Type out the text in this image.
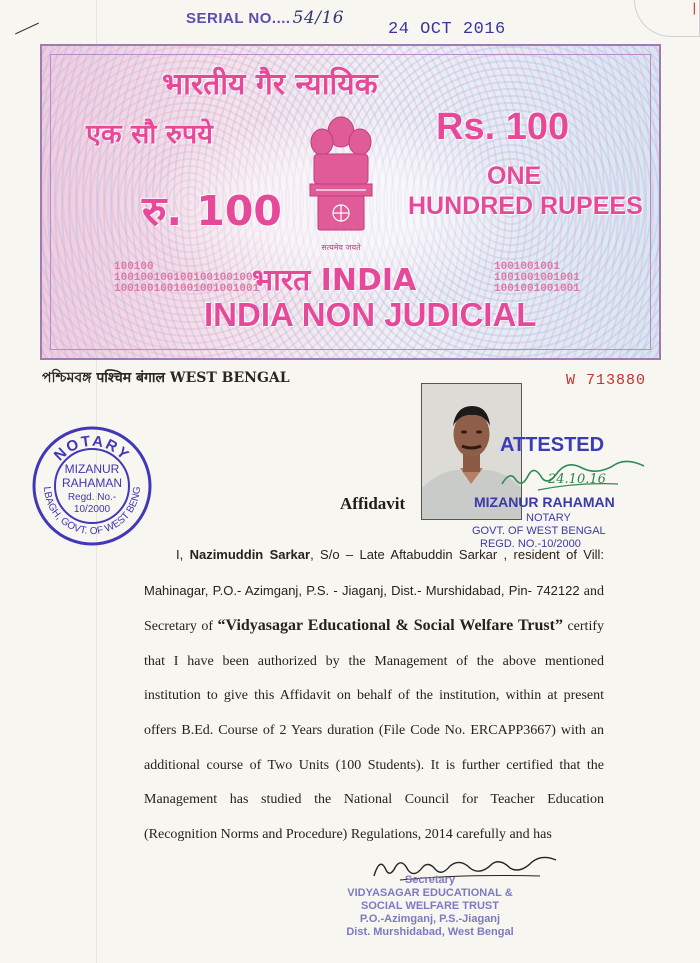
|
SERIAL NO.... 54/16
24 OCT 2016
भारतीय गैर न्यायिक
एक सौ रुपये	Rs. 100
रु. 100
ONE
HUNDRED RUPEES
सत्यमेव जयते
100100
1001001001001001001001
1001001001001001001001
1001001001
1001001001001
1001001001001
भारत INDIA
INDIA NON JUDICIAL
পশ্চিমবঙ্গ पश्चिम बंगाल WEST BENGAL	W 713880

NOTARY
LBAGH, GOVT. OF WEST BENG
MIZANUR
RAHAMAN
Regd. No.-
10/2000
ATTESTED
24.10.16
MIZANUR RAHAMAN
NOTARY
GOVT. OF WEST BENGAL
REGD. NO.-10/2000
Affidavit

I, Nazimuddin Sarkar, S/o – Late Aftabuddin Sarkar , resident of Vill: Mahinagar, P.O.- Azimganj, P.S. - Jiaganj, Dist.- Murshidabad, Pin- 742122 and Secretary of “Vidyasagar Educational & Social Welfare Trust” certify that I have been authorized by the Management of the above mentioned institution to give this Affidavit on behalf of the institution, within at present offers B.Ed. Course of 2 Years duration (File Code No. ERCAPP3667) with an additional course of Two Units (100 Students). It is further certified that the Management has studied the National Council for Teacher Education (Recognition Norms and Procedure) Regulations, 2014 carefully and has

Secretary
VIDYASAGAR EDUCATIONAL &
SOCIAL WELFARE TRUST
P.O.-Azimganj, P.S.-Jiaganj
Dist. Murshidabad, West Bengal
